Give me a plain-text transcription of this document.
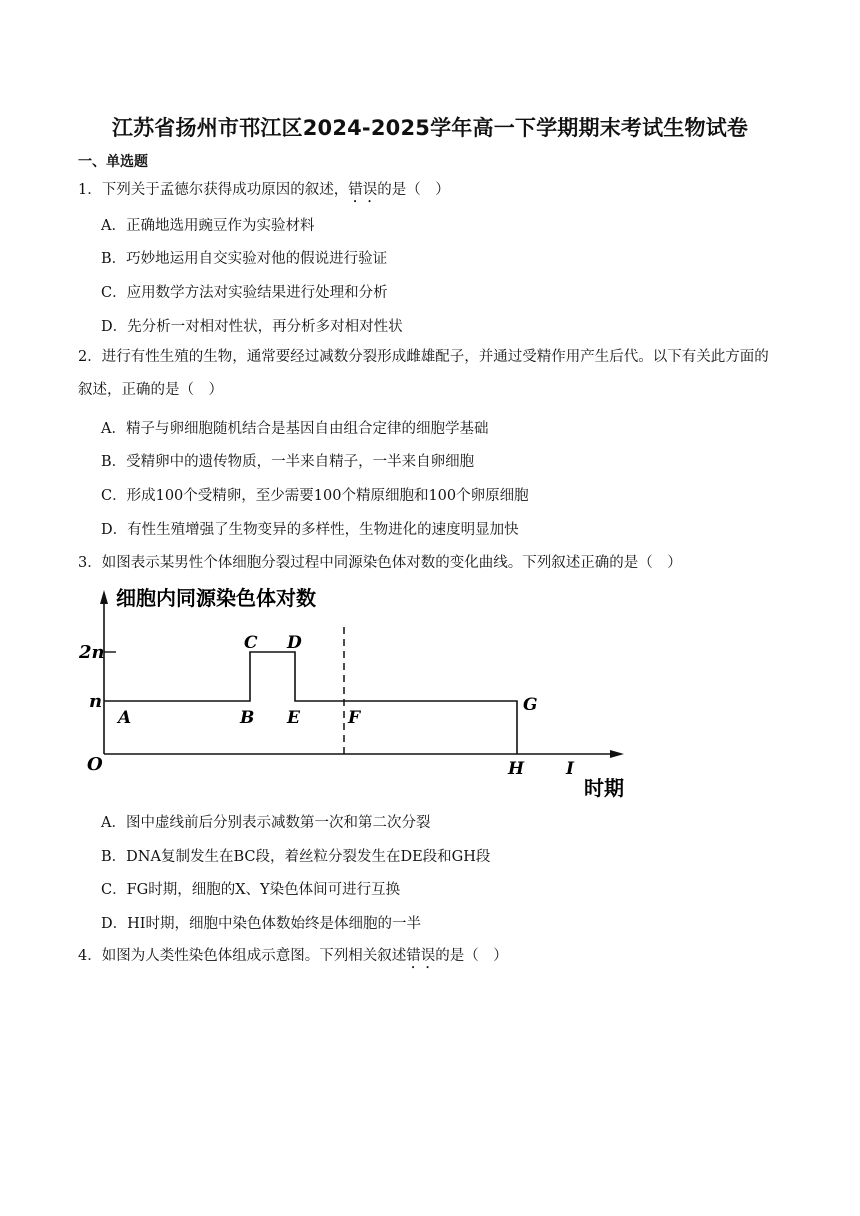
江苏省扬州市邗江区2024-2025学年高一下学期期末考试生物试卷
一、单选题
1．下列关于孟德尔获得成功原因的叙述，错误的是（　）
A．正确地选用豌豆作为实验材料
B．巧妙地运用自交实验对他的假说进行验证
C．应用数学方法对实验结果进行处理和分析
D．先分析一对相对性状，再分析多对相对性状
2．进行有性生殖的生物，通常要经过减数分裂形成雌雄配子，并通过受精作用产生后代。以下有关此方面的叙述，正确的是（　）
A．精子与卵细胞随机结合是基因自由组合定律的细胞学基础
B．受精卵中的遗传物质，一半来自精子，一半来自卵细胞
C．形成100个受精卵，至少需要100个精原细胞和100个卵原细胞
D．有性生殖增强了生物变异的多样性，生物进化的速度明显加快
3．如图表示某男性个体细胞分裂过程中同源染色体对数的变化曲线。下列叙述正确的是（　）
细胞内同源染色体对数
时期
O
2n
n
A	B
C D
E	F
G
H I
A．图中虚线前后分别表示减数第一次和第二次分裂
B．DNA复制发生在BC段，着丝粒分裂发生在DE段和GH段
C．FG时期，细胞的X、Y染色体间可进行互换
D．HI时期，细胞中染色体数始终是体细胞的一半
4．如图为人类性染色体组成示意图。下列相关叙述错误的是（　）
